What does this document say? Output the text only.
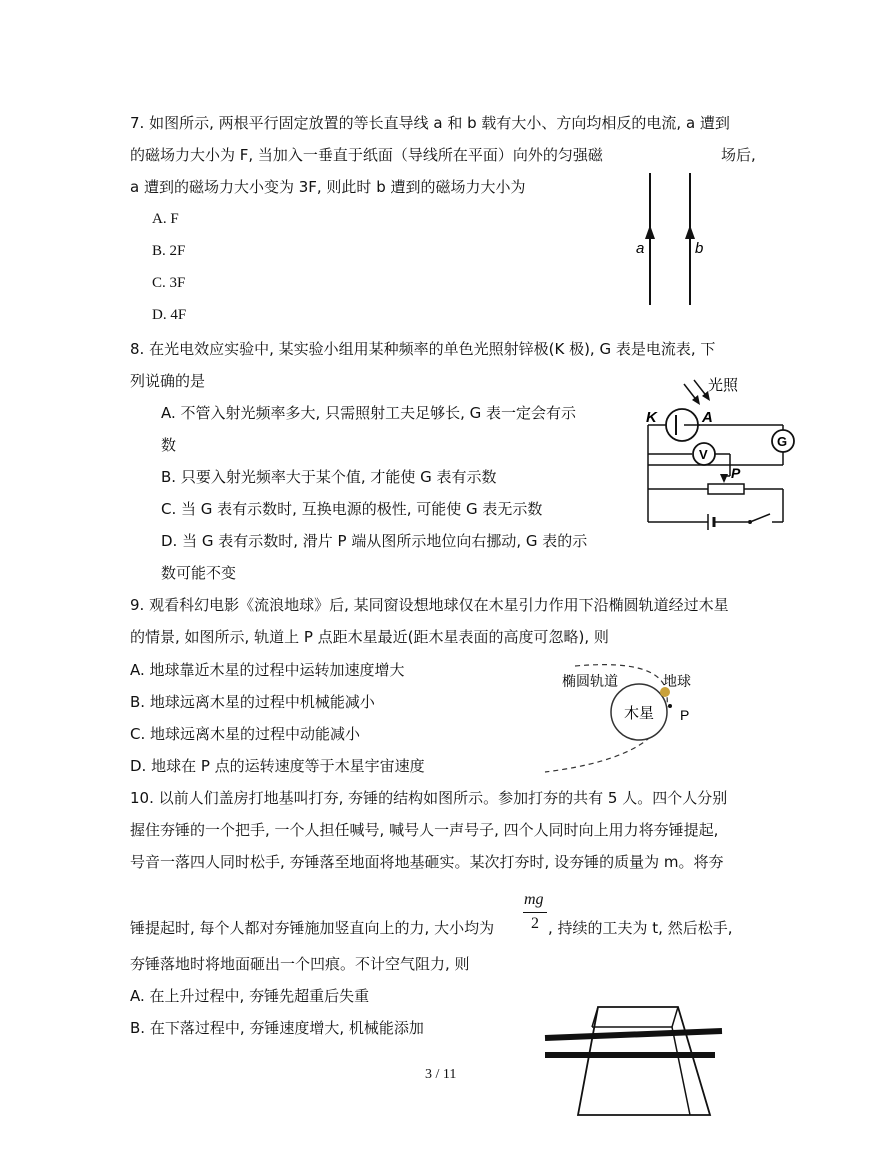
7. 如图所示, 两根平行固定放置的等长直导线 a 和 b 载有大小、方向均相反的电流, a 遭到
的磁场力大小为 F, 当加入一垂直于纸面（导线所在平面）向外的匀强磁	场后,
a 遭到的磁场力大小变为 3F, 则此时 b 遭到的磁场力大小为
A. F
B. 2F
C. 3F
D. 4F
a	b
8. 在光电效应实验中, 某实验小组用某种频率的单色光照射锌极(K 极), G 表是电流表, 下
列说确的是
A. 不管入射光频率多大, 只需照射工夫足够长, G 表一定会有示
数
B. 只要入射光频率大于某个值, 才能使 G 表有示数
C. 当 G 表有示数时, 互换电源的极性, 可能使 G 表无示数
D. 当 G 表有示数时, 滑片 P 端从图所示地位向右挪动, G 表的示
数可能不变
光照
K	A
G
V
P
9. 观看科幻电影《流浪地球》后, 某同窗设想地球仅在木星引力作用下沿椭圆轨道经过木星
的情景, 如图所示, 轨道上 P 点距木星最近(距木星表面的高度可忽略), 则
A. 地球靠近木星的过程中运转加速度增大
B. 地球远离木星的过程中机械能减小
C. 地球远离木星的过程中动能减小
D. 地球在 P 点的运转速度等于木星宇宙速度
木星
地球
P
椭圆轨道
10. 以前人们盖房打地基叫打夯, 夯锤的结构如图所示。参加打夯的共有 5 人。四个人分别
握住夯锤的一个把手, 一个人担任喊号, 喊号人一声号子, 四个人同时向上用力将夯锤提起,
号音一落四人同时松手, 夯锤落至地面将地基砸实。某次打夯时, 设夯锤的质量为 m。将夯
mg
2
锤提起时, 每个人都对夯锤施加竖直向上的力, 大小均为	, 持续的工夫为 t, 然后松手,
夯锤落地时将地面砸出一个凹痕。不计空气阻力, 则
A. 在上升过程中, 夯锤先超重后失重
B. 在下落过程中, 夯锤速度增大, 机械能添加
3 / 11
